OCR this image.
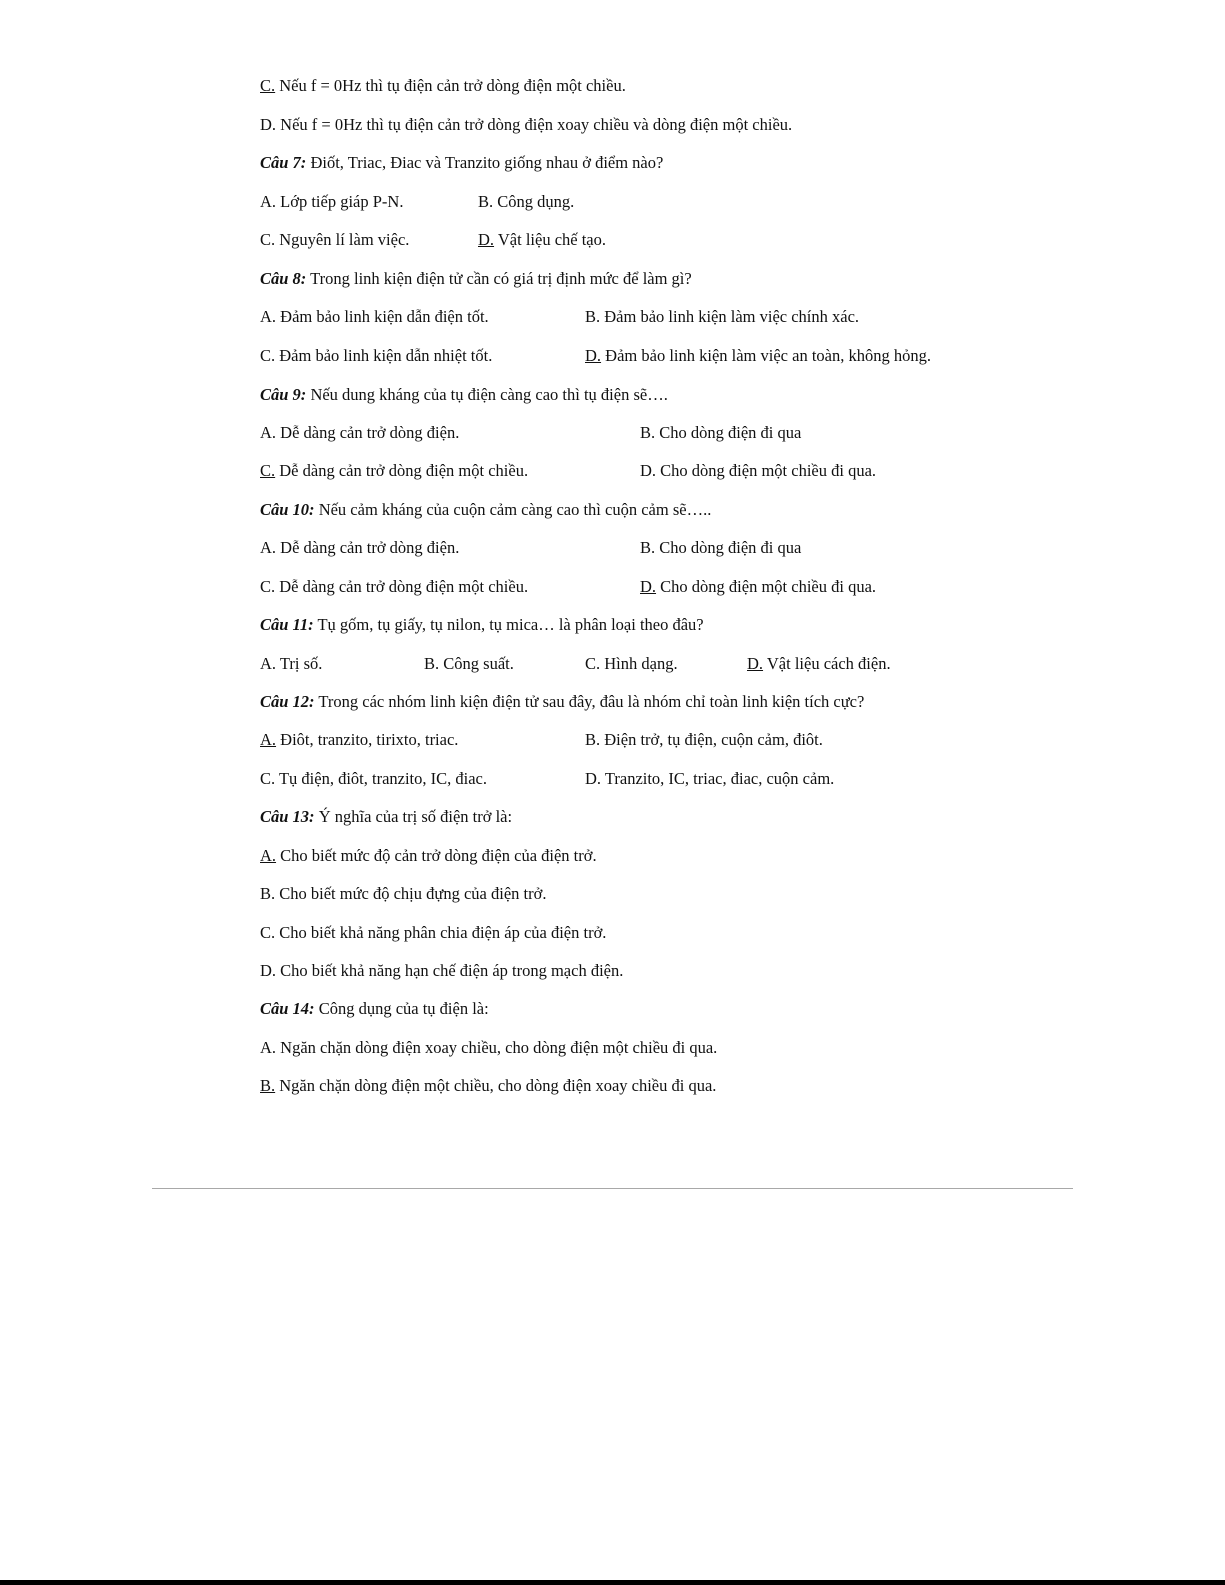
C. Nếu f = 0Hz thì tụ điện cản trở dòng điện một chiều.
D. Nếu f = 0Hz thì tụ điện cản trở dòng điện xoay chiều và dòng điện một chiều.
Câu 7: Điốt, Triac, Điac và Tranzito giống nhau ở điểm nào?
A. Lớp tiếp giáp P-N.	B. Công dụng.
C. Nguyên lí làm việc.	D. Vật liệu chế tạo.
Câu 8: Trong linh kiện điện tử cần có giá trị định mức để làm gì?
A. Đảm bảo linh kiện dẫn điện tốt.	B. Đảm bảo linh kiện làm việc chính xác.
C. Đảm bảo linh kiện dẫn nhiệt tốt.	D. Đảm bảo linh kiện làm việc an toàn, không hỏng.
Câu 9: Nếu dung kháng của tụ điện càng cao thì tụ điện sẽ….
A. Dễ dàng cản trở dòng điện.	B. Cho dòng điện đi qua
C. Dễ dàng cản trở dòng điện một chiều.	D. Cho dòng điện một chiều đi qua.
Câu 10: Nếu cảm kháng của cuộn cảm càng cao thì cuộn cảm sẽ…..
A. Dễ dàng cản trở dòng điện.	B. Cho dòng điện đi qua
C. Dễ dàng cản trở dòng điện một chiều.	D. Cho dòng điện một chiều đi qua.
Câu 11: Tụ gốm, tụ giấy, tụ nilon, tụ mica… là phân loại theo đâu?
A. Trị số.	B. Công suất.	C. Hình dạng.	D. Vật liệu cách điện.
Câu 12: Trong các nhóm linh kiện điện tử sau đây, đâu là nhóm chỉ toàn linh kiện tích cực?
A. Điôt, tranzito, tirixto, triac.	B. Điện trở, tụ điện, cuộn cảm, điôt.
C. Tụ điện, điôt, tranzito, IC, điac.	D. Tranzito, IC, triac, điac, cuộn cảm.
Câu 13: Ý nghĩa của trị số điện trở là:
A. Cho biết mức độ cản trở dòng điện của điện trở.
B. Cho biết mức độ chịu đựng của điện trở.
C. Cho biết khả năng phân chia điện áp của điện trở.
D. Cho biết khả năng hạn chế điện áp trong mạch điện.
Câu 14: Công dụng của tụ điện là:
A. Ngăn chặn dòng điện xoay chiều, cho dòng điện một chiều đi qua.
B. Ngăn chặn dòng điện một chiều, cho dòng điện xoay chiều đi qua.
